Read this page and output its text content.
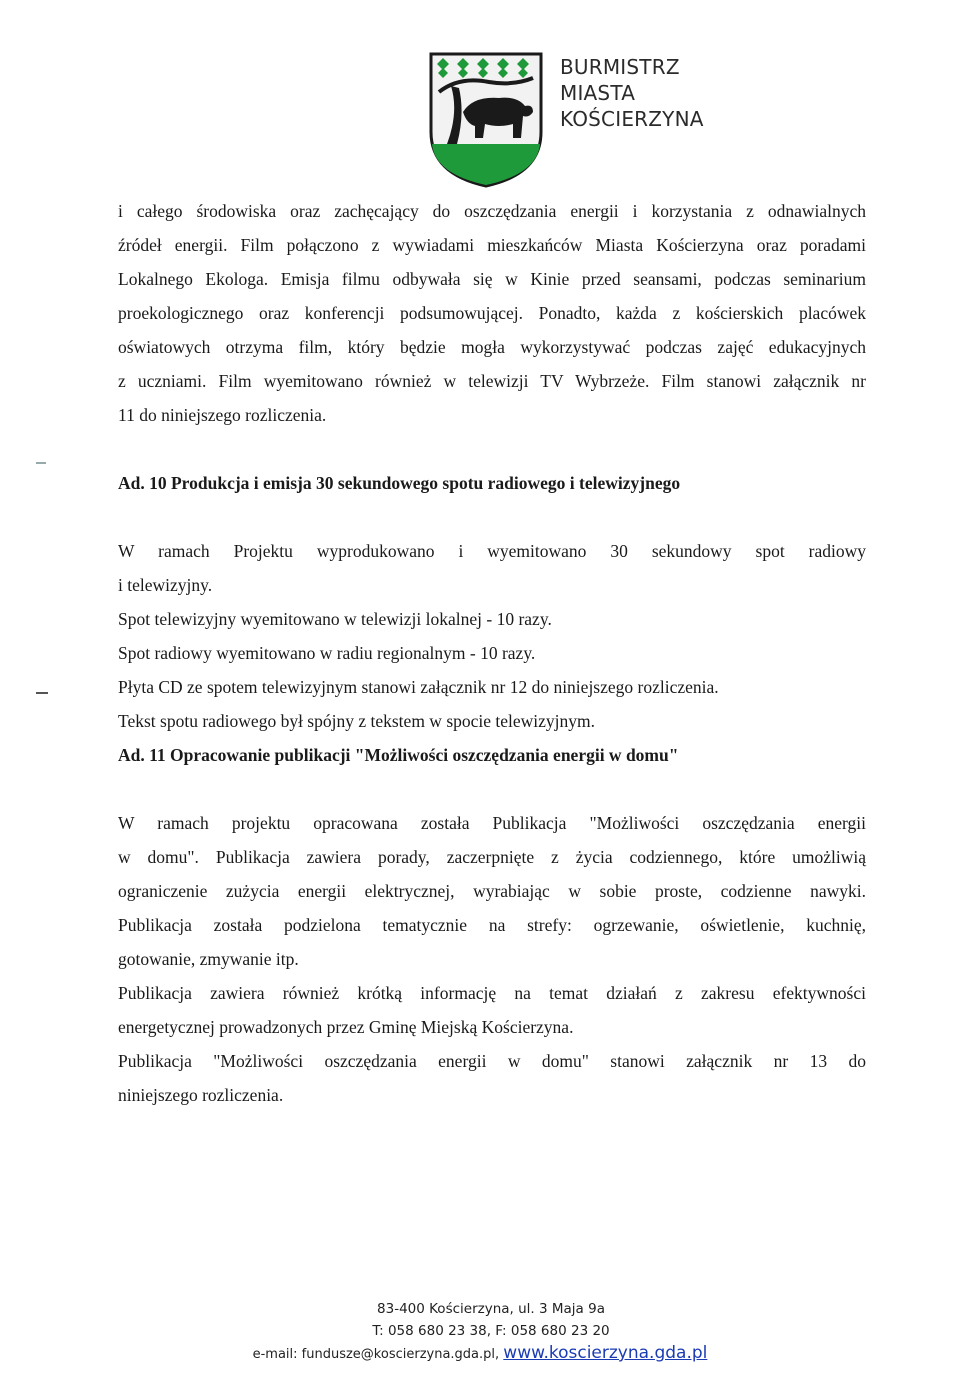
BURMISTRZ
MIASTA
KOŚCIERZYNA

i całego środowiska oraz zachęcający do oszczędzania energii i korzystania z odnawialnych
źródeł energii. Film połączono z wywiadami mieszkańców Miasta Kościerzyna oraz poradami
Lokalnego Ekologa. Emisja filmu odbywała się w Kinie przed seansami, podczas seminarium
proekologicznego oraz konferencji podsumowującej. Ponadto, każda z kościerskich placówek
oświatowych otrzyma film, który będzie mogła wykorzystywać podczas zajęć edukacyjnych
z uczniami. Film wyemitowano również w telewizji TV Wybrzeże. Film stanowi załącznik nr
11 do niniejszego rozliczenia.

Ad. 10 Produkcja i emisja 30 sekundowego spotu radiowego i telewizyjnego

W ramach Projektu wyprodukowano i wyemitowano 30 sekundowy spot radiowy
i telewizyjny.
Spot telewizyjny wyemitowano w telewizji lokalnej - 10 razy.
Spot radiowy wyemitowano w radiu regionalnym - 10 razy.
Płyta CD ze spotem telewizyjnym stanowi załącznik nr 12 do niniejszego rozliczenia.
Tekst spotu radiowego był spójny z tekstem w spocie telewizyjnym.

Ad. 11 Opracowanie publikacji "Możliwości oszczędzania energii w domu"

W ramach projektu opracowana została Publikacja "Możliwości oszczędzania energii
w domu". Publikacja zawiera porady, zaczerpnięte z życia codziennego, które umożliwią
ograniczenie zużycia energii elektrycznej, wyrabiając w sobie proste, codzienne nawyki.
Publikacja została podzielona tematycznie na strefy: ogrzewanie, oświetlenie, kuchnię,
gotowanie, zmywanie itp.
Publikacja zawiera również krótką informację na temat działań z zakresu efektywności
energetycznej prowadzonych przez Gminę Miejską Kościerzyna.
Publikacja "Możliwości oszczędzania energii w domu" stanowi załącznik nr 13 do
niniejszego rozliczenia.

83-400 Kościerzyna, ul. 3 Maja 9a
T: 058 680 23 38, F: 058 680 23 20
e-mail: fundusze@koscierzyna.gda.pl, www.koscierzyna.gda.pl
